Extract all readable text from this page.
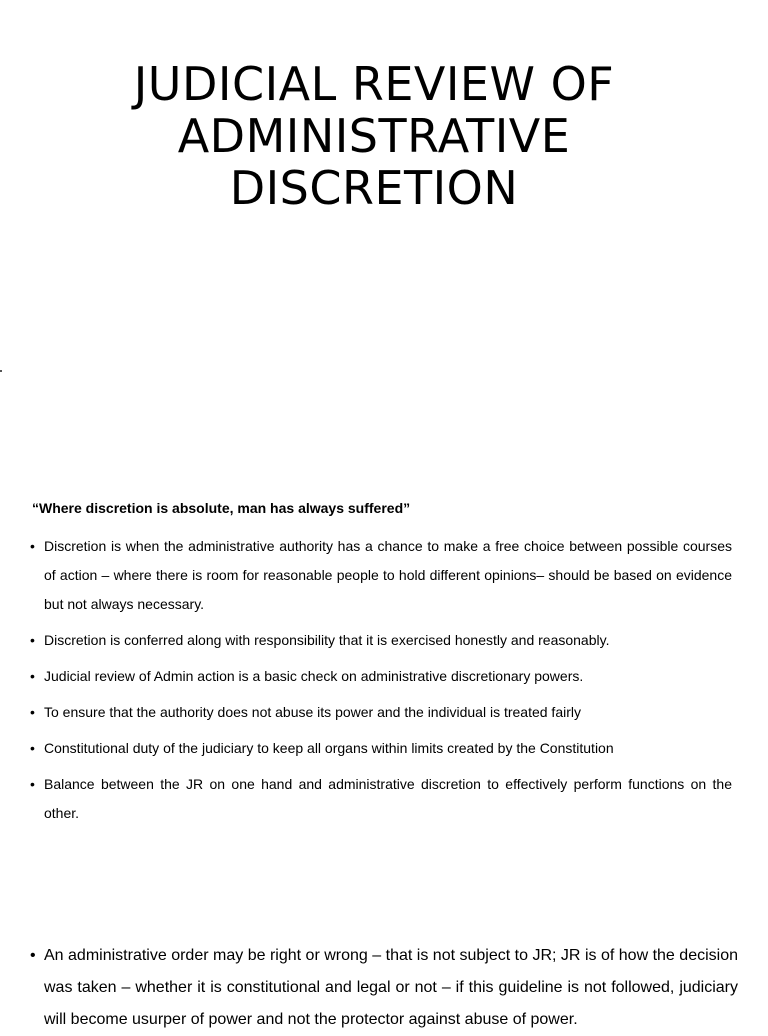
JUDICIAL REVIEW OF
ADMINISTRATIVE
DISCRETION

“Where discretion is absolute, man has always suffered”

• Discretion is when the administrative authority has a chance to make a free choice between possible courses of action – where there is room for reasonable people to hold different opinions– should be based on evidence but not always necessary.
• Discretion is conferred along with responsibility that it is exercised honestly and reasonably.
• Judicial review of Admin action is a basic check on administrative discretionary powers.
• To ensure that the authority does not abuse its power and the individual is treated fairly
• Constitutional duty of the judiciary to keep all organs within limits created by the Constitution
• Balance between the JR on one hand and administrative discretion to effectively perform functions on the other.
• An administrative order may be right or wrong – that is not subject to JR; JR is of how the decision was taken – whether it is constitutional and legal or not – if this guideline is not followed, judiciary will become usurper of power and not the protector against abuse of power.
